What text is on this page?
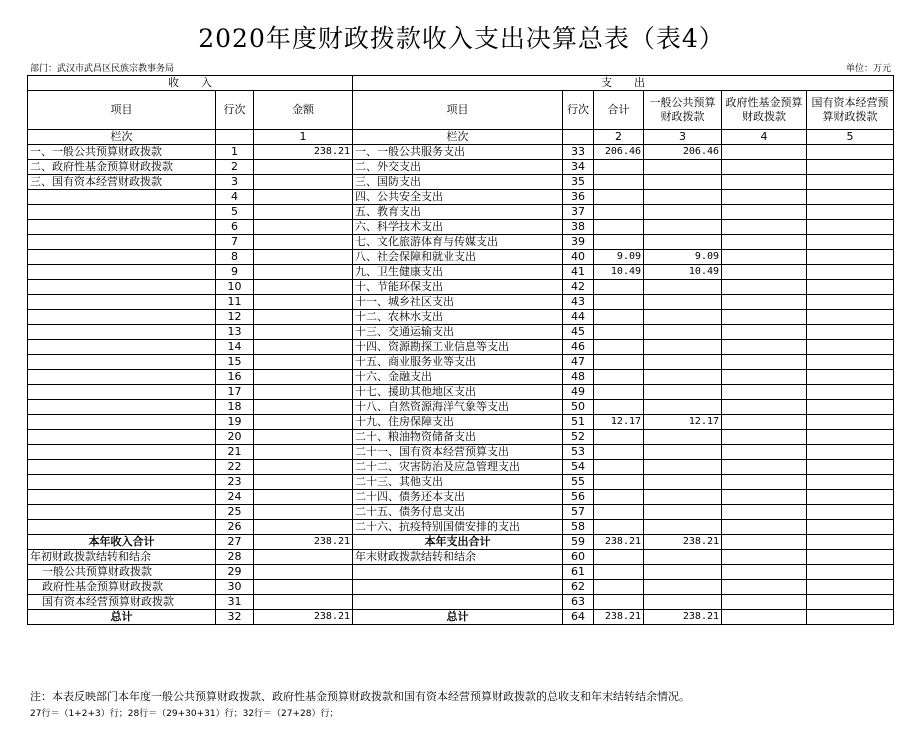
2020年度财政拨款收入支出决算总表（表4）
部门：武汉市武昌区民族宗教事务局	单位：万元
收　　入			支　　出					
项目	行次	金额	项目	行次	合计	一般公共预算财政拨款	政府性基金预算财政拨款	国有资本经营预算财政拨款
栏次		1	栏次		2	3	4	5
一、一般公共预算财政拨款	1	238.21	一、一般公共服务支出	33	206.46	206.46		
二、政府性基金预算财政拨款	2		二、外交支出	34				
三、国有资本经营财政拨款	3		三、国防支出	35				
	4		四、公共安全支出	36				
	5		五、教育支出	37				
	6		六、科学技术支出	38				
	7		七、文化旅游体育与传媒支出	39				
	8		八、社会保障和就业支出	40	9.09	9.09		
	9		九、卫生健康支出	41	10.49	10.49		
	10		十、节能环保支出	42				
	11		十一、城乡社区支出	43				
	12		十二、农林水支出	44				
	13		十三、交通运输支出	45				
	14		十四、资源勘探工业信息等支出	46				
	15		十五、商业服务业等支出	47				
	16		十六、金融支出	48				
	17		十七、援助其他地区支出	49				
	18		十八、自然资源海洋气象等支出	50				
	19		十九、住房保障支出	51	12.17	12.17		
	20		二十、粮油物资储备支出	52				
	21		二十一、国有资本经营预算支出	53				
	22		二十二、灾害防治及应急管理支出	54				
	23		二十三、其他支出	55				
	24		二十四、债务还本支出	56				
	25		二十五、债务付息支出	57				
	26		二十六、抗疫特别国债安排的支出	58				
本年收入合计	27	238.21	本年支出合计	59	238.21	238.21		
年初财政拨款结转和结余	28		年末财政拨款结转和结余	60				
一般公共预算财政拨款	29			61				
政府性基金预算财政拨款	30			62				
国有资本经营预算财政拨款	31			63				
总计	32	238.21	总计	64	238.21	238.21		
注：本表反映部门本年度一般公共预算财政拨款、政府性基金预算财政拨款和国有资本经营预算财政拨款的总收支和年末结转结余情况。
27行＝（1+2+3）行；28行＝（29+30+31）行；32行＝（27+28）行；
